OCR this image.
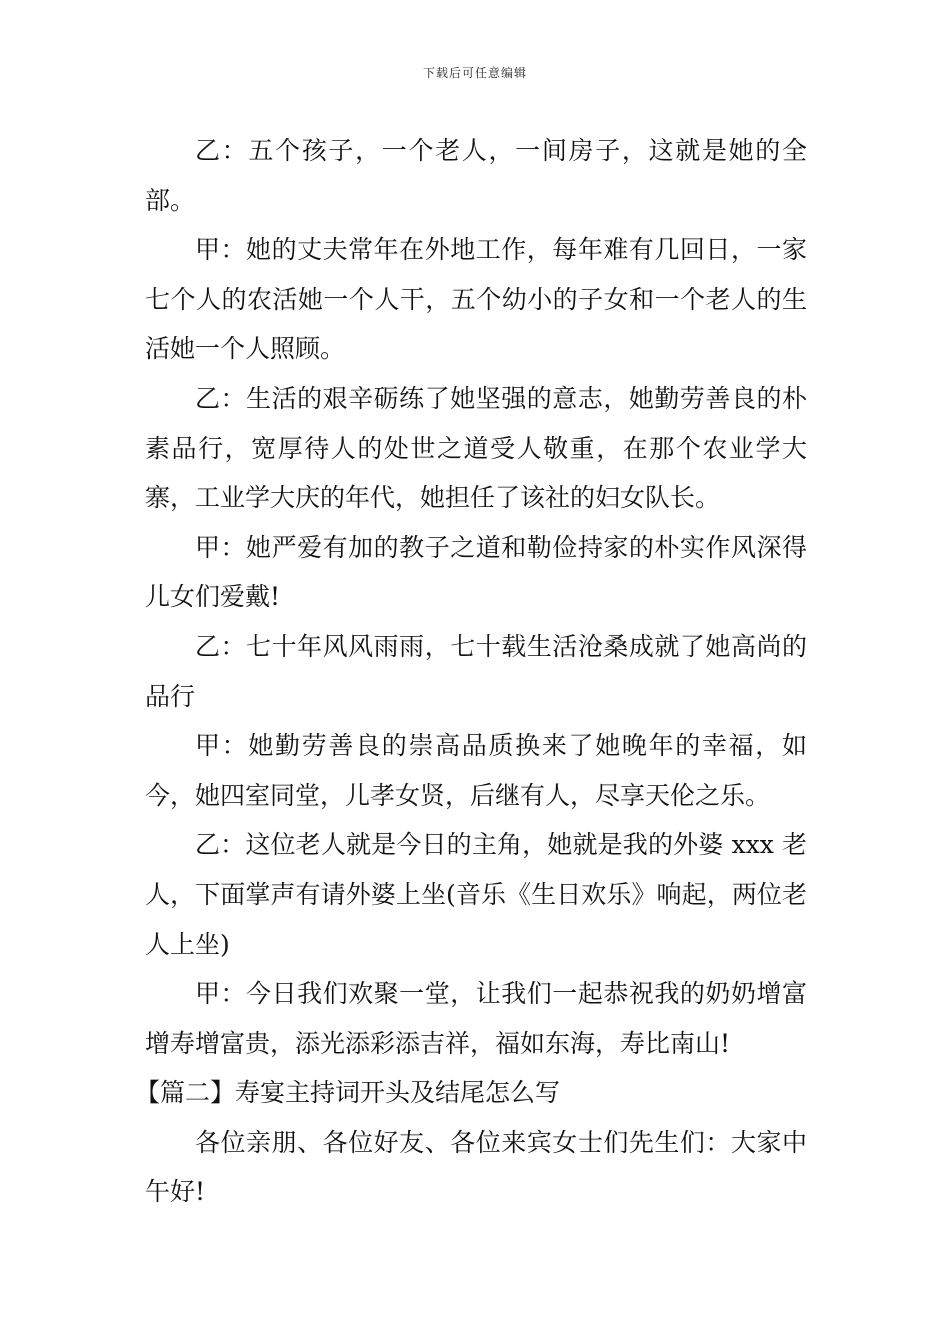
下载后可任意编辑

乙：五个孩子，一个老人，一间房子，这就是她的全部。

甲：她的丈夫常年在外地工作，每年难有几回日，一家七个人的农活她一个人干，五个幼小的子女和一个老人的生活她一个人照顾。

乙：生活的艰辛砺练了她坚强的意志，她勤劳善良的朴素品行，宽厚待人的处世之道受人敬重，在那个农业学大寨，工业学大庆的年代，她担任了该社的妇女队长。

甲：她严爱有加的教子之道和勒俭持家的朴实作风深得儿女们爱戴!

乙：七十年风风雨雨，七十载生活沧桑成就了她高尚的品行

甲：她勤劳善良的崇高品质换来了她晚年的幸福，如今，她四室同堂，儿孝女贤，后继有人，尽享天伦之乐。

乙：这位老人就是今日的主角，她就是我的外婆 xxx 老人，下面掌声有请外婆上坐(音乐《生日欢乐》响起，两位老人上坐)

甲：今日我们欢聚一堂，让我们一起恭祝我的奶奶增富增寿增富贵，添光添彩添吉祥，福如东海，寿比南山!

【篇二】寿宴主持词开头及结尾怎么写

各位亲朋、各位好友、各位来宾女士们先生们：大家中午好!
